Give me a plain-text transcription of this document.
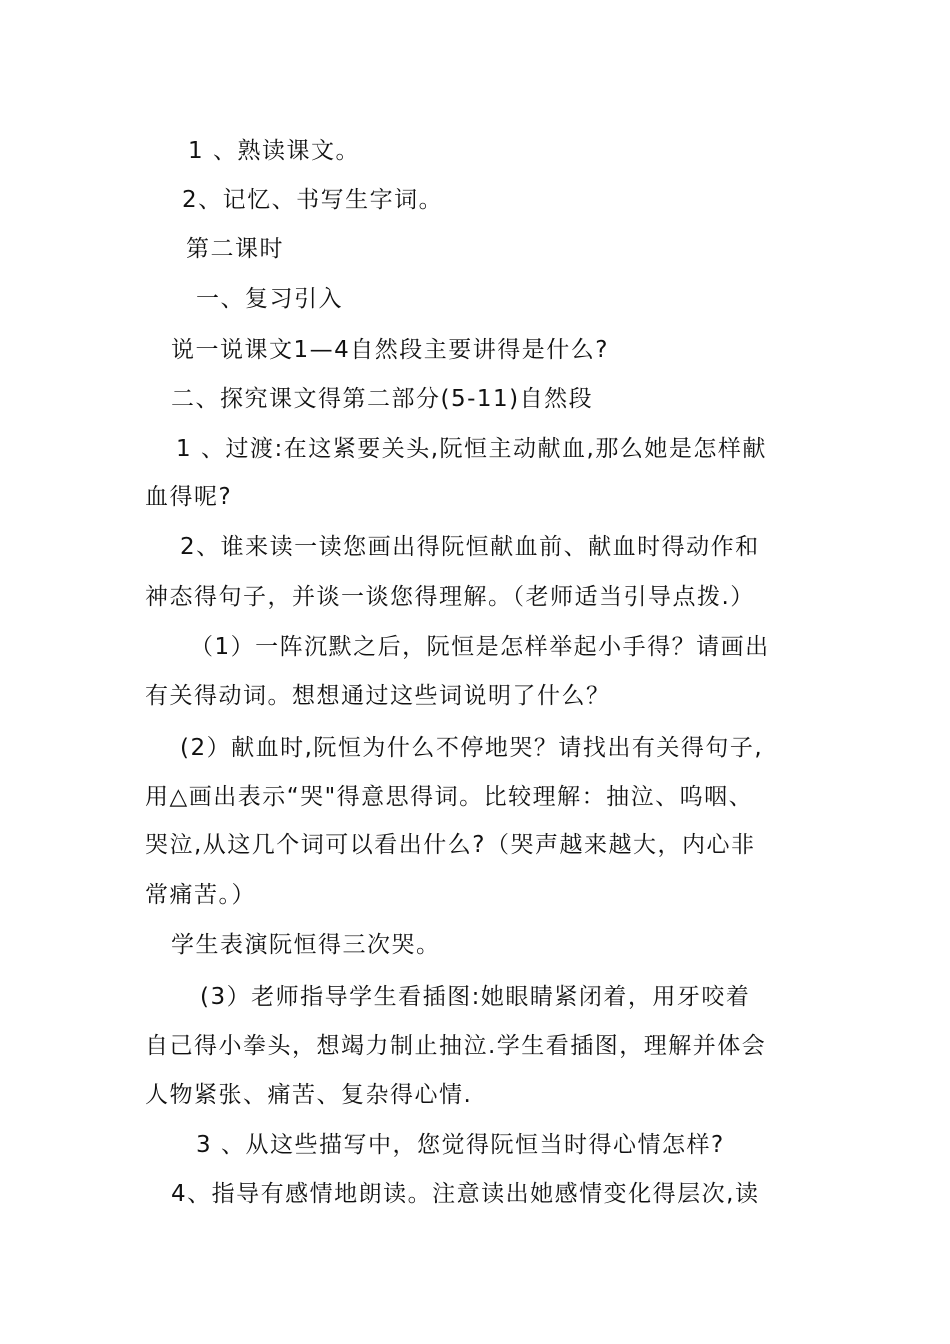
1 、熟读课文。
2、记忆、书写生字词。
第二课时
一、复习引入
说一说课文1—4自然段主要讲得是什么?
二、探究课文得第二部分(5-11)自然段
1 、过渡:在这紧要关头,阮恒主动献血,那么她是怎样献
血得呢?
2、谁来读一读您画出得阮恒献血前、献血时得动作和
神态得句子，并谈一谈您得理解。（老师适当引导点拨.）
（1）一阵沉默之后，阮恒是怎样举起小手得？请画出
有关得动词。想想通过这些词说明了什么？
(2）献血时,阮恒为什么不停地哭？请找出有关得句子,
用△画出表示“哭"得意思得词。比较理解：抽泣、呜咽、
哭泣,从这几个词可以看出什么?（哭声越来越大，内心非
常痛苦。）
学生表演阮恒得三次哭。
(3）老师指导学生看插图:她眼睛紧闭着，用牙咬着
自己得小拳头，想竭力制止抽泣.学生看插图，理解并体会
人物紧张、痛苦、复杂得心情.
3 、从这些描写中，您觉得阮恒当时得心情怎样?
4、指导有感情地朗读。注意读出她感情变化得层次,读
